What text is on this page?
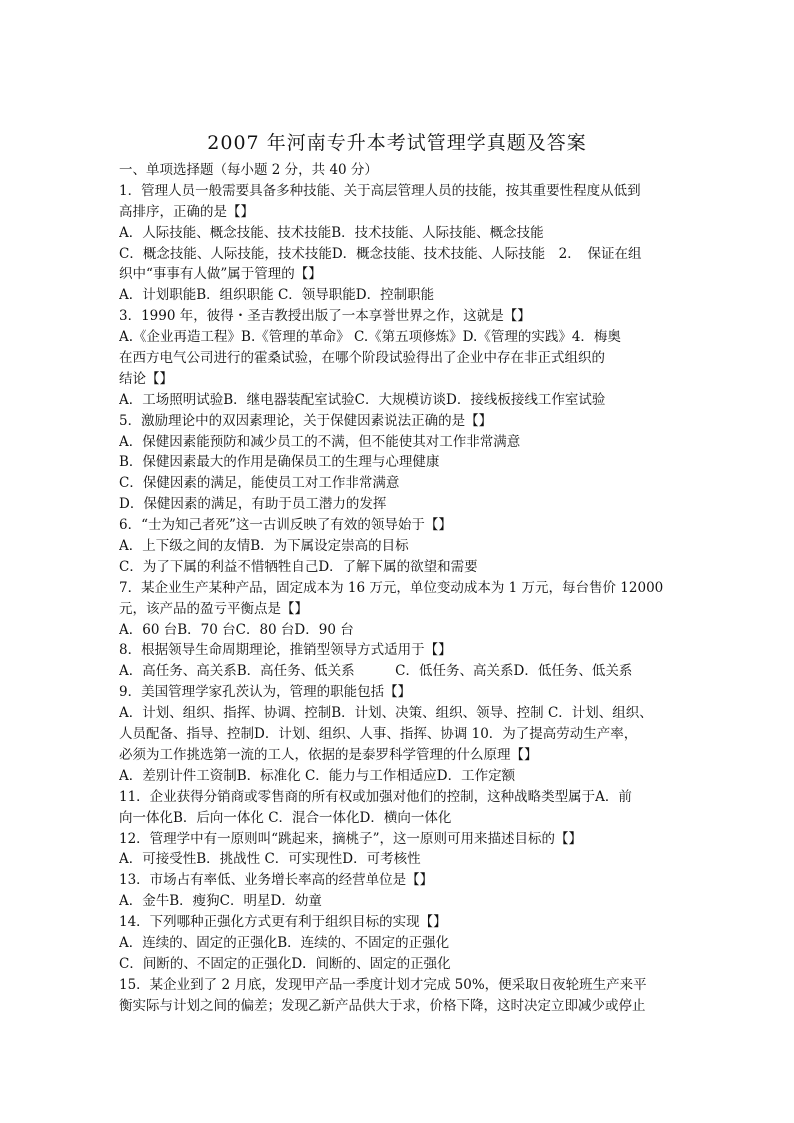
2007 年河南专升本考试管理学真题及答案
一、单项选择题（每小题 2 分，共 40 分）
1．管理人员一般需要具备多种技能、关于高层管理人员的技能，按其重要性程度从低到
高排序，正确的是【】
A．人际技能、概念技能、技术技能B．技术技能、人际技能、概念技能
C．概念技能、人际技能，技术技能D．概念技能、技术技能、人际技能　2．　保证在组
织中“事事有人做”属于管理的【】
A．计划职能B．组织职能 C．领导职能D．控制职能
3．1990 年，彼得・圣吉教授出版了一本享誉世界之作，这就是【】
A.《企业再造工程》B.《管理的革命》 C.《第五项修炼》D.《管理的实践》4．梅奥
在西方电气公司进行的霍桑试验，在哪个阶段试验得出了企业中存在非正式组织的
结论【】
A．工场照明试验B．继电器装配室试验C．大规模访谈D．接线板接线工作室试验
5．激励理论中的双因素理论，关于保健因素说法正确的是【】
A．保健因素能预防和减少员工的不满，但不能使其对工作非常满意
B．保健因素最大的作用是确保员工的生理与心理健康
C．保健因素的满足，能使员工对工作非常满意
D．保健因素的满足，有助于员工潜力的发挥
6．“士为知己者死”这一古训反映了有效的领导始于【】
A．上下级之间的友情B．为下属设定崇高的目标
C．为了下属的利益不惜牺牲自己D．了解下属的欲望和需要
7．某企业生产某种产品，固定成本为 16 万元，单位变动成本为 1 万元，每台售价 12000
元，该产品的盈亏平衡点是【】
A．60 台B．70 台C．80 台D．90 台
8．根据领导生命周期理论，推销型领导方式适用于【】
A．高任务、高关系B．高任务、低关系　　　C．低任务、高关系D．低任务、低关系
9．美国管理学家孔茨认为，管理的职能包括【】
A．计划、组织、指挥、协调、控制B．计划、决策、组织、领导、控制 C．计划、组织、
人员配备、指导、控制D．计划、组织、人事、指挥、协调 10．为了提高劳动生产率，
必须为工作挑选第一流的工人，依据的是泰罗科学管理的什么原理【】
A．差别计件工资制B．标准化 C．能力与工作相适应D．工作定额
11．企业获得分销商或零售商的所有权或加强对他们的控制，这种战略类型属于A．前
向一体化B．后向一体化 C．混合一体化D．横向一体化
12．管理学中有一原则叫“跳起来，摘桃子”，这一原则可用来描述目标的【】
A．可接受性B．挑战性 C．可实现性D．可考核性
13．市场占有率低、业务增长率高的经营单位是【】
A．金牛B．瘦狗C．明星D．幼童
14．下列哪种正强化方式更有利于组织目标的实现【】
A．连续的、固定的正强化B．连续的、不固定的正强化
C．间断的、不固定的正强化D．间断的、固定的正强化
15．某企业到了 2 月底，发现甲产品一季度计划才完成 50%，便采取日夜轮班生产来平
衡实际与计划之间的偏差；发现乙新产品供大于求，价格下降，这时决定立即减少或停止
